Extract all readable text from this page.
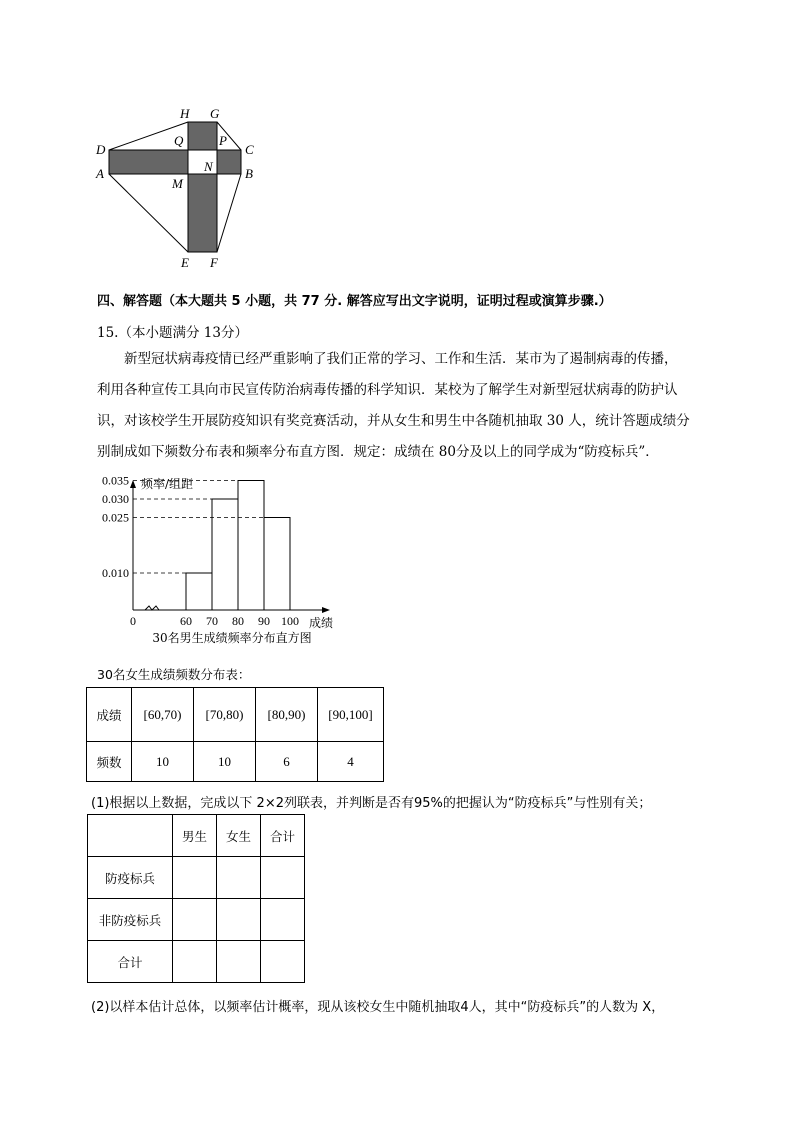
H G
Q	P
D	C
N
A
M
B
E F
四、解答题（本大题共 5 小题，共 77 分. 解答应写出文字说明，证明过程或演算步骤.）
15.（本小题满分 13分）
新型冠状病毒疫情已经严重影响了我们正常的学习、工作和生活．某市为了遏制病毒的传播，
利用各种宣传工具向市民宣传防治病毒传播的科学知识．某校为了解学生对新型冠状病毒的防护认
识，对该校学生开展防疫知识有奖竞赛活动，并从女生和男生中各随机抽取 30 人，统计答题成绩分
别制成如下频数分布表和频率分布直方图．规定：成绩在 80分及以上的同学成为“防疫标兵”．
0.010
0.025
0.030
0.035
60 70 80 90 100
0
频率/组距
成绩
30名男生成绩频率分布直方图
30名女生成绩频数分布表：
成绩	[60,70)	[70,80)	[80,90)	[90,100]
频数	10	10	6	4
(1)根据以上数据，完成以下 2×2列联表，并判断是否有95%的把握认为“防疫标兵”与性别有关；
	男生	女生	合计
防疫标兵			
非防疫标兵			
合计			
(2)以样本估计总体，以频率估计概率，现从该校女生中随机抽取4人，其中“防疫标兵”的人数为 X，
